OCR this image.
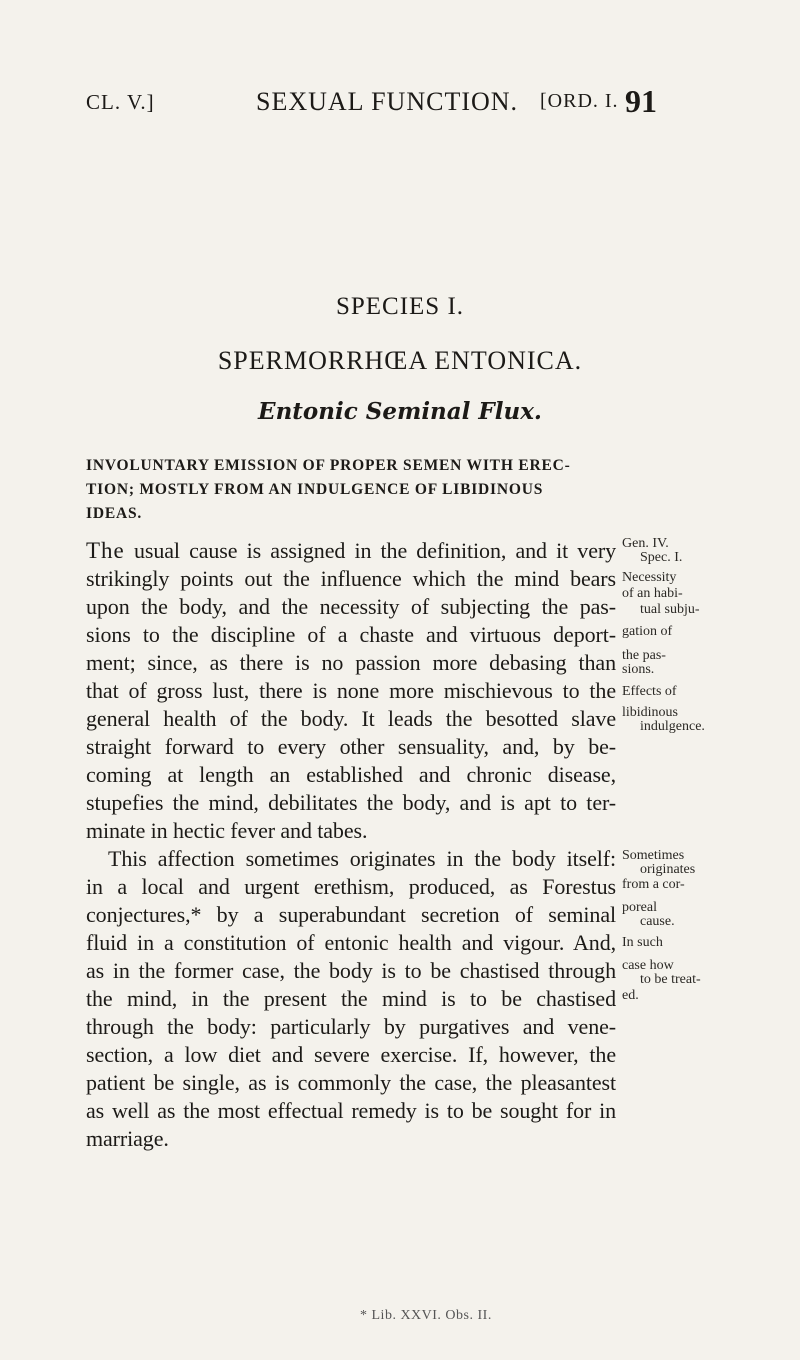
CL. V.]	SEXUAL FUNCTION. [ORD. I. 91
SPECIES I.
SPERMORRHŒA ENTONICA.
Entonic Seminal Flux.
INVOLUNTARY EMISSION OF PROPER SEMEN WITH EREC-
TION; MOSTLY FROM AN INDULGENCE OF LIBIDINOUS
IDEAS.
The usual cause is assigned in the definition, and it very
strikingly points out the influence which the mind bears
upon the body, and the necessity of subjecting the pas-
sions to the discipline of a chaste and virtuous deport-
ment; since, as there is no passion more debasing than
that of gross lust, there is none more mischievous to the
general health of the body. It leads the besotted slave
straight forward to every other sensuality, and, by be-
coming at length an established and chronic disease,
stupefies the mind, debilitates the body, and is apt to ter-
minate in hectic fever and tabes.
This affection sometimes originates in the body itself:
in a local and urgent erethism, produced, as Forestus
conjectures,* by a superabundant secretion of seminal
fluid in a constitution of entonic health and vigour. And,
as in the former case, the body is to be chastised through
the mind, in the present the mind is to be chastised
through the body: particularly by purgatives and vene-
section, a low diet and severe exercise. If, however, the
patient be single, as is commonly the case, the pleasantest
as well as the most effectual remedy is to be sought for in
marriage.
Gen. IV.
Spec. I.
Necessity
of an habi-
tual subju-
gation of
the pas-
sions.
Effects of
libidinous
indulgence.
Sometimes
originates
from a cor-
poreal
cause.
In such
case how
to be treat-
ed.
* Lib. XXVI. Obs. II.
